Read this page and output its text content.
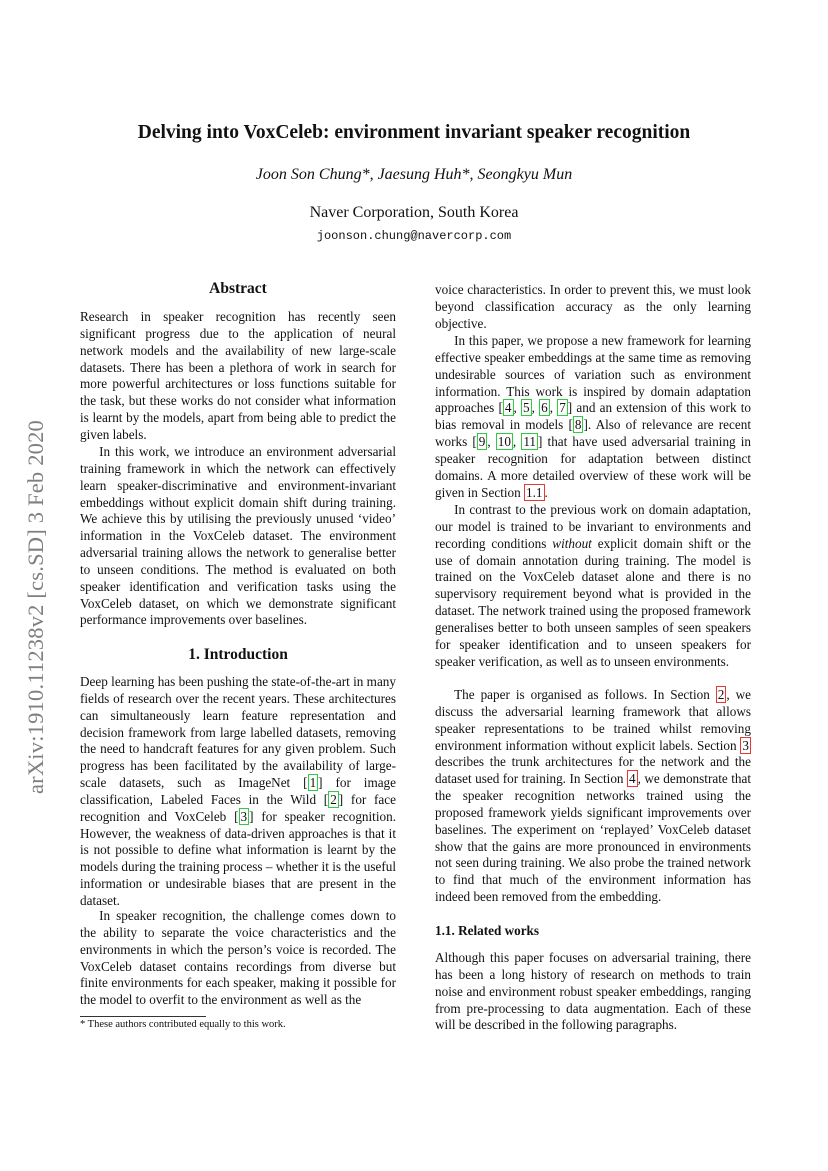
arXiv:1910.11238v2 [cs.SD] 3 Feb 2020
Delving into VoxCeleb: environment invariant speaker recognition
Joon Son Chung*, Jaesung Huh*, Seongkyu Mun
Naver Corporation, South Korea
joonson.chung@navercorp.com
Abstract
Research in speaker recognition has recently seen significant progress due to the application of neural network models and the availability of new large-scale datasets. There has been a plethora of work in search for more powerful architectures or loss functions suitable for the task, but these works do not consider what information is learnt by the models, apart from being able to predict the given labels.
In this work, we introduce an environment adversarial training framework in which the network can effectively learn speaker-discriminative and environment-invariant embeddings without explicit domain shift during training. We achieve this by utilising the previously unused ‘video’ information in the VoxCeleb dataset. The environment adversarial training allows the network to generalise better to unseen conditions. The method is evaluated on both speaker identification and verification tasks using the VoxCeleb dataset, on which we demonstrate significant performance improvements over baselines.
1. Introduction
Deep learning has been pushing the state-of-the-art in many fields of research over the recent years. These architectures can simultaneously learn feature representation and decision framework from large labelled datasets, removing the need to handcraft features for any given problem. Such progress has been facilitated by the availability of large-scale datasets, such as ImageNet [ 1 ] for image classification, Labeled Faces in the Wild [ 2 ] for face recognition and VoxCeleb [ 3 ] for speaker recognition. However, the weakness of data-driven approaches is that it is not possible to define what information is learnt by the models during the training process – whether it is the useful information or undesirable biases that are present in the dataset.
In speaker recognition, the challenge comes down to the ability to separate the voice characteristics and the environments in which the person’s voice is recorded. The VoxCeleb dataset contains recordings from diverse but finite environments for each speaker, making it possible for the model to overfit to the environment as well as the
voice characteristics. In order to prevent this, we must look beyond classification accuracy as the only learning objective.
In this paper, we propose a new framework for learning effective speaker embeddings at the same time as removing undesirable sources of variation such as environment information. This work is inspired by domain adaptation approaches [ 4 , 5 , 6 , 7 ] and an extension of this work to bias removal in models [ 8 ]. Also of relevance are recent works [ 9 , 10 , 11 ] that have used adversarial training in speaker recognition for adaptation between distinct domains. A more detailed overview of these work will be given in Section 1.1 .
In contrast to the previous work on domain adaptation, our model is trained to be invariant to environments and recording conditions without explicit domain shift or the use of domain annotation during training. The model is trained on the VoxCeleb dataset alone and there is no supervisory requirement beyond what is provided in the dataset. The network trained using the proposed framework generalises better to both unseen samples of seen speakers for speaker identification and to unseen speakers for speaker verification, as well as to unseen environments.
The paper is organised as follows. In Section 2 , we discuss the adversarial learning framework that allows speaker representations to be trained whilst removing environment information without explicit labels. Section 3 describes the trunk architectures for the network and the dataset used for training. In Section 4 , we demonstrate that the speaker recognition networks trained using the proposed framework yields significant improvements over baselines. The experiment on ‘replayed’ VoxCeleb dataset show that the gains are more pronounced in environments not seen during training. We also probe the trained network to find that much of the environment information has indeed been removed from the embedding.
1.1. Related works
Although this paper focuses on adversarial training, there has been a long history of research on methods to train noise and environment robust speaker embeddings, ranging from pre-processing to data augmentation. Each of these will be described in the following paragraphs.
* These authors contributed equally to this work.
